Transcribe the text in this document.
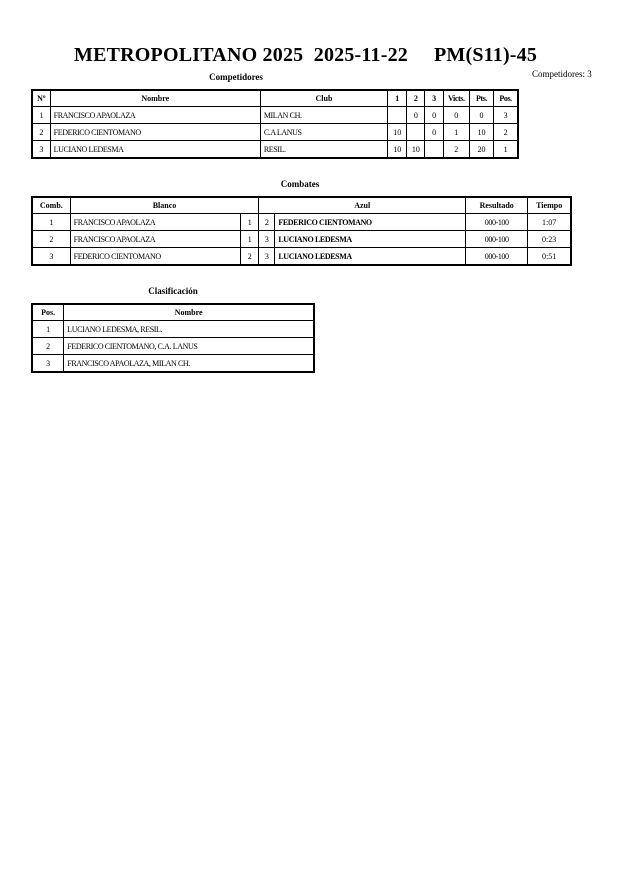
METROPOLITANO 2025  2025-11-22     PM(S11)-45
Competidores: 3
Competidores
Nº	Nombre	Club	1	2	3	Victs.	Pts.	Pos.
1	FRANCISCO APAOLAZA	MILAN CH.		0	0	0	0	3
2	FEDERICO CIENTOMANO	C.A LANUS	10		0	1	10	2
3	LUCIANO LEDESMA	RESIL.	10	10		2	20	1
Combates
Comb.	Blanco		Azul		Resultado	Tiempo
1	FRANCISCO APAOLAZA	1	2	FEDERICO CIENTOMANO	000-100	1:07
2	FRANCISCO APAOLAZA	1	3	LUCIANO LEDESMA	000-100	0:23
3	FEDERICO CIENTOMANO	2	3	LUCIANO LEDESMA	000-100	0:51
Clasificación
Pos.	Nombre
1	LUCIANO LEDESMA, RESIL.
2	FEDERICO CIENTOMANO, C.A. LANUS
3	FRANCISCO APAOLAZA, MILAN CH.
